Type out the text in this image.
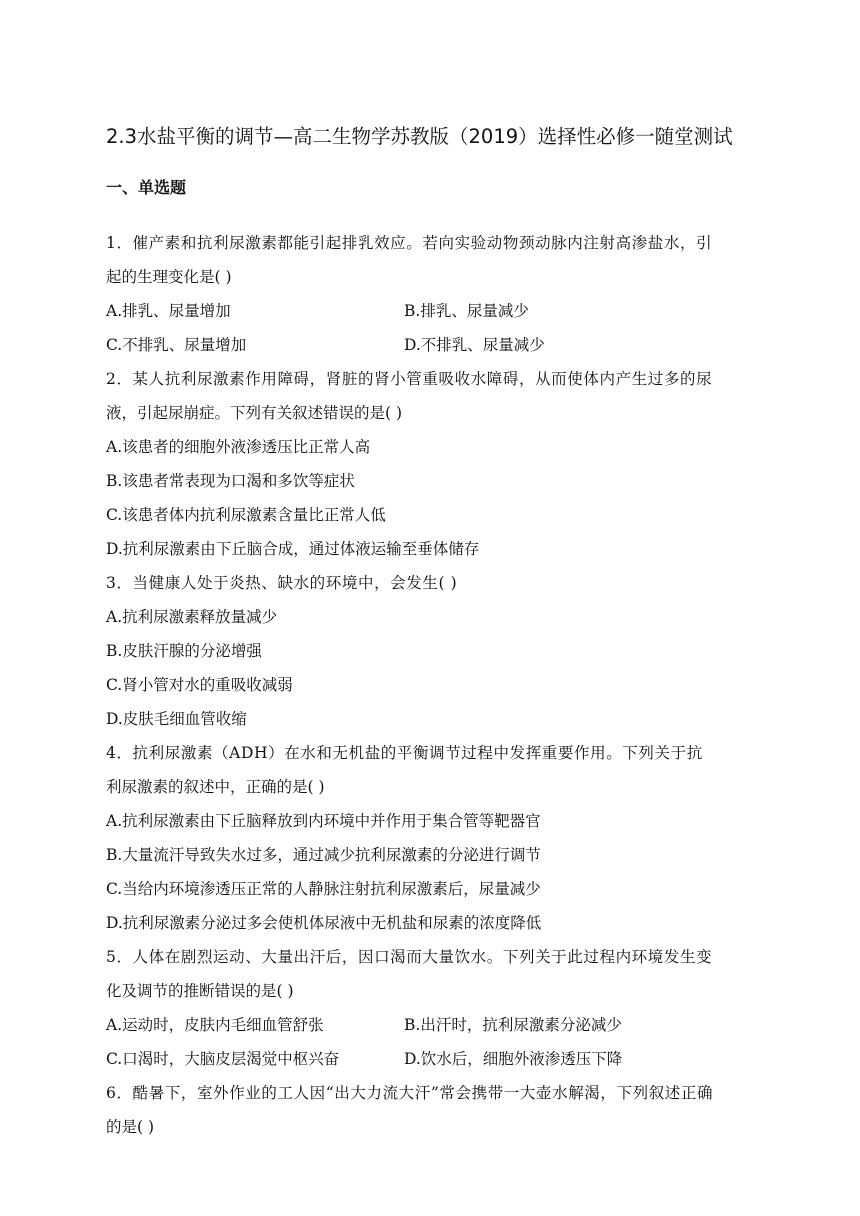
2.3水盐平衡的调节—高二生物学苏教版（2019）选择性必修一随堂测试
一、单选题
1．催产素和抗利尿激素都能引起排乳效应。若向实验动物颈动脉内注射高渗盐水，引
起的生理变化是( )
A.排乳、尿量增加	B.排乳、尿量减少
C.不排乳、尿量增加	D.不排乳、尿量减少
2．某人抗利尿激素作用障碍，肾脏的肾小管重吸收水障碍，从而使体内产生过多的尿
液，引起尿崩症。下列有关叙述错误的是( )
A.该患者的细胞外液渗透压比正常人高
B.该患者常表现为口渴和多饮等症状
C.该患者体内抗利尿激素含量比正常人低
D.抗利尿激素由下丘脑合成，通过体液运输至垂体储存
3．当健康人处于炎热、缺水的环境中，会发生( )
A.抗利尿激素释放量减少
B.皮肤汗腺的分泌增强
C.肾小管对水的重吸收减弱
D.皮肤毛细血管收缩
4．抗利尿激素（ADH）在水和无机盐的平衡调节过程中发挥重要作用。下列关于抗
利尿激素的叙述中，正确的是( )
A.抗利尿激素由下丘脑释放到内环境中并作用于集合管等靶器官
B.大量流汗导致失水过多，通过减少抗利尿激素的分泌进行调节
C.当给内环境渗透压正常的人静脉注射抗利尿激素后，尿量减少
D.抗利尿激素分泌过多会使机体尿液中无机盐和尿素的浓度降低
5．人体在剧烈运动、大量出汗后，因口渴而大量饮水。下列关于此过程内环境发生变
化及调节的推断错误的是( )
A.运动时，皮肤内毛细血管舒张	B.出汗时，抗利尿激素分泌减少
C.口渴时，大脑皮层渴觉中枢兴奋	D.饮水后，细胞外液渗透压下降
6．酷暑下，室外作业的工人因“出大力流大汗”常会携带一大壶水解渴，下列叙述正确
的是( )
